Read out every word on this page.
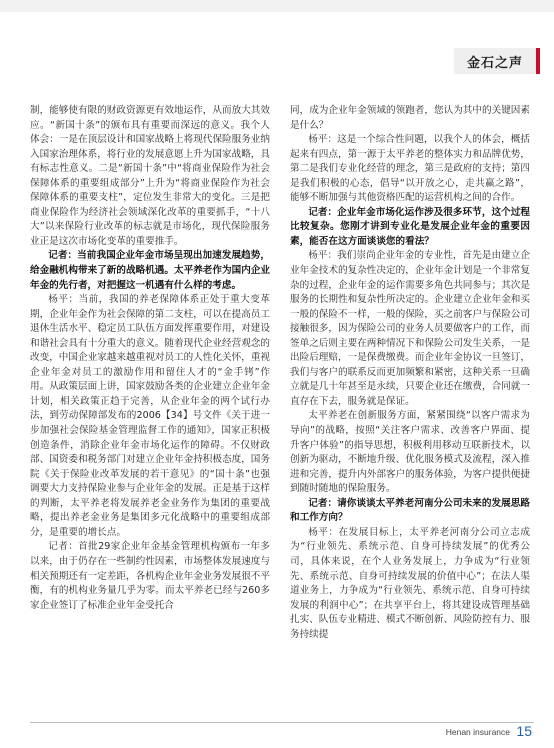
金石之声

制，能够使有限的财政资源更有效地运作，从而放大其效应。“新国十条”的颁布具有重要而深远的意义。我个人体会：一是在顶层设计和国家战略上将现代保险服务业纳入国家治理体系，将行业的发展意愿上升为国家战略，具有标志性意义。二是“新国十条”中“将商业保险作为社会保障体系的重要组成部分”上升为“将商业保险作为社会保障体系的重要支柱”，定位发生非常大的变化。三是把商业保险作为经济社会领域深化改革的重要抓手，“十八大”以来保险行业改革的标志就是市场化，现代保险服务业正是这次市场化变革的重要推手。

记者：当前我国企业年金市场呈现出加速发展趋势，给金融机构带来了新的战略机遇。太平养老作为国内企业年金的先行者，对把握这一机遇有什么样的考虑。

杨平：当前，我国的养老保障体系正处于重大变革期，企业年金作为社会保障的第二支柱，可以在提高员工退休生活水平、稳定员工队伍方面发挥重要作用，对建设和谐社会具有十分重大的意义。随着现代企业经营观念的改变，中国企业家越来越重视对员工的人性化关怀，重视企业年金对员工的激励作用和留住人才的“金手铐”作用。从政策层面上讲，国家鼓励各类的企业建立企业年金计划，相关政策正趋于完善，从企业年金的两个试行办法，到劳动保障部发布的2006【34】号文件《关于进一步加强社会保险基金管理监督工作的通知》，国家正积极创造条件，消除企业年金市场化运作的障碍。不仅财政部、国资委和税务部门对建立企业年金持积极态度，国务院《关于保险业改革发展的若干意见》的“国十条”也强调要大力支持保险业参与企业年金的发展。正是基于这样的判断，太平养老将发展养老金业务作为集团的重要战略，提出养老金业务是集团多元化战略中的重要组成部分，是重要的增长点。

记者：首批29家企业年金基金管理机构颁布一年多以来，由于仍存在一些制约性因素，市场整体发展速度与相关预期还有一定差距，各机构企业年金业务发展很不平衡，有的机构业务量几乎为零。而太平养老已经与260多家企业签订了标准企业年金受托合

同，成为企业年金领域的领跑者，您认为其中的关键因素是什么？

杨平：这是一个综合性问题，以我个人的体会，概括起来有四点，第一源于太平养老的整体实力和品牌优势，第二是我们专业化经营的理念，第三是政府的支持；第四是我们积极的心态，倡导“以开放之心，走共赢之路”，能够不断加强与其他资格匹配的运营机构之间的合作。

记者：企业年金市场化运作涉及很多环节，这个过程比较复杂。您刚才讲到专业化是发展企业年金的重要因素，能否在这方面谈谈您的看法？

杨平：我们崇尚企业年金的专业性，首先是由建立企业年金技术的复杂性决定的，企业年金计划是一个非常复杂的过程，企业年金的运作需要多角色共同参与；其次是服务的长期性和复杂性所决定的。企业建立企业年金和买一般的保险不一样，一般的保险，买之前客户与保险公司接触很多，因为保险公司的业务人员要做客户的工作，而签单之后则主要在两种情况下和保险公司发生关系，一是出险后理赔，一是保费缴费。而企业年金协议一旦签订，我们与客户的联系反而更加频繁和紧密，这种关系一旦确立就是几十年甚至是永续，只要企业还在缴费，合同就一直存在下去，服务就是保证。

太平养老在创新服务方面，紧紧围绕“以客户需求为导向”的战略，按照“关注客户需求、改善客户界面、提升客户体验”的指导思想，积极利用移动互联新技术，以创新为驱动，不断地升级、优化服务模式及流程，深入推进和完善，提升内外部客户的服务体验，为客户提供便捷到随时随地的保险服务。

记者：请你谈谈太平养老河南分公司未来的发展思路和工作方向？

杨平：在发展目标上，太平养老河南分公司立志成为“行业领先、系统示范、自身可持续发展”的优秀公司，具体来说，在个人业务发展上，力争成为“行业领先、系统示范、自身可持续发展的价值中心”；在法人渠道业务上，力争成为“行业领先、系统示范、自身可持续发展的利润中心”；在共享平台上，将其建设成管理基础扎实、队伍专业精进、模式不断创新、风险防控有力、服务持续提

Henan insurance 15
